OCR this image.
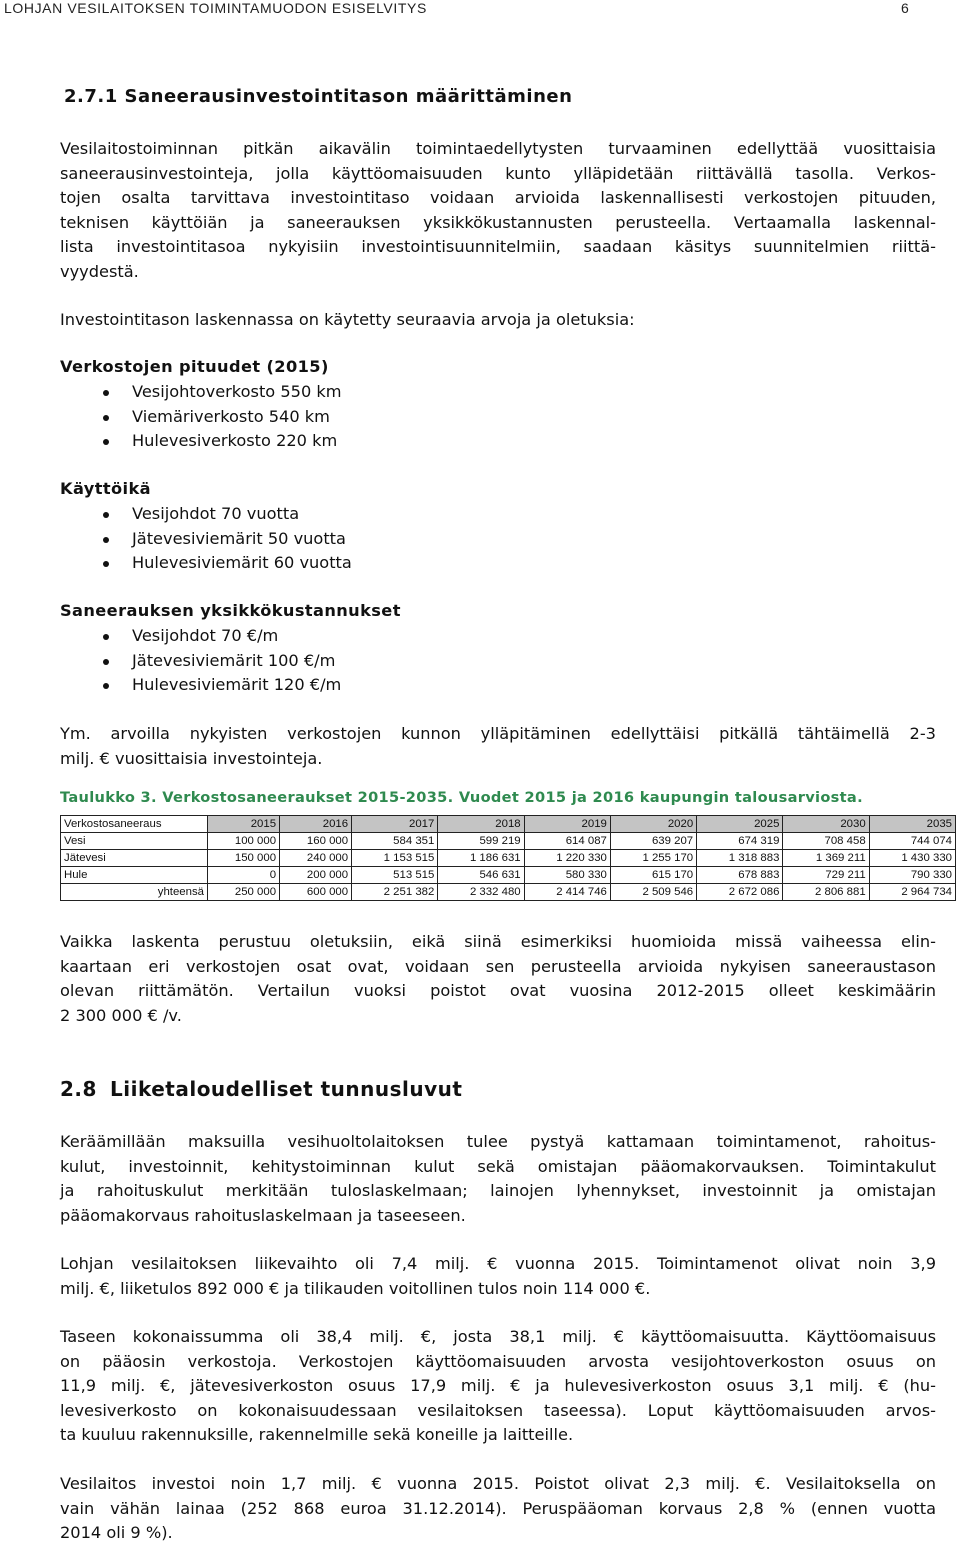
LOHJAN VESILAITOKSEN TOIMINTAMUODON ESISELVITYS	6
2.7.1 Saneerausinvestointitason määrittäminen
Vesilaitostoiminnan pitkän aikavälin toimintaedellytysten turvaaminen edellyttää vuosittaisia
saneerausinvestointeja, jolla käyttöomaisuuden kunto ylläpidetään riittävällä tasolla. Verkos-
tojen osalta tarvittava investointitaso voidaan arvioida laskennallisesti verkostojen pituuden,
teknisen käyttöiän ja saneerauksen yksikkökustannusten perusteella. Vertaamalla laskennal-
lista investointitasoa nykyisiin investointisuunnitelmiin, saadaan käsitys suunnitelmien riittä-
vyydestä.
Investointitason laskennassa on käytetty seuraavia arvoja ja oletuksia:
Verkostojen pituudet (2015)
Vesijohtoverkosto 550 km
Viemäriverkosto 540 km
Hulevesiverkosto 220 km
Käyttöikä
Vesijohdot 70 vuotta
Jätevesiviemärit 50 vuotta
Hulevesiviemärit 60 vuotta
Saneerauksen yksikkökustannukset
Vesijohdot 70 €/m
Jätevesiviemärit 100 €/m
Hulevesiviemärit 120 €/m
Ym. arvoilla nykyisten verkostojen kunnon ylläpitäminen edellyttäisi pitkällä tähtäimellä 2-3
milj. € vuosittaisia investointeja.
Taulukko 3. Verkostosaneeraukset 2015-2035. Vuodet 2015 ja 2016 kaupungin talousarviosta.
Verkostosaneeraus	2015	2016	2017	2018	2019	2020	2025	2030	2035
Vesi	100 000	160 000	584 351	599 219	614 087	639 207	674 319	708 458	744 074
Jätevesi	150 000	240 000	1 153 515	1 186 631	1 220 330	1 255 170	1 318 883	1 369 211	1 430 330
Hule	0	200 000	513 515	546 631	580 330	615 170	678 883	729 211	790 330
yhteensä	250 000	600 000	2 251 382	2 332 480	2 414 746	2 509 546	2 672 086	2 806 881	2 964 734
Vaikka laskenta perustuu oletuksiin, eikä siinä esimerkiksi huomioida missä vaiheessa elin-
kaartaan eri verkostojen osat ovat, voidaan sen perusteella arvioida nykyisen saneeraustason
olevan riittämätön. Vertailun vuoksi poistot ovat vuosina 2012-2015 olleet keskimäärin
2 300 000 € /v.
2.8 Liiketaloudelliset tunnusluvut
Keräämillään maksuilla vesihuoltolaitoksen tulee pystyä kattamaan toimintamenot, rahoitus-
kulut, investoinnit, kehitystoiminnan kulut sekä omistajan pääomakorvauksen. Toimintakulut
ja rahoituskulut merkitään tuloslaskelmaan; lainojen lyhennykset, investoinnit ja omistajan
pääomakorvaus rahoituslaskelmaan ja taseeseen.
Lohjan vesilaitoksen liikevaihto oli 7,4 milj. € vuonna 2015. Toimintamenot olivat noin 3,9
milj. €, liiketulos 892 000 € ja tilikauden voitollinen tulos noin 114 000 €.
Taseen kokonaissumma oli 38,4 milj. €, josta 38,1 milj. € käyttöomaisuutta. Käyttöomaisuus
on pääosin verkostoja. Verkostojen käyttöomaisuuden arvosta vesijohtoverkoston osuus on
11,9 milj. €, jätevesiverkoston osuus 17,9 milj. € ja hulevesiverkoston osuus 3,1 milj. € (hu-
levesiverkosto on kokonaisuudessaan vesilaitoksen taseessa). Loput käyttöomaisuuden arvos-
ta kuuluu rakennuksille, rakennelmille sekä koneille ja laitteille.
Vesilaitos investoi noin 1,7 milj. € vuonna 2015. Poistot olivat 2,3 milj. €. Vesilaitoksella on
vain vähän lainaa (252 868 euroa 31.12.2014). Peruspääoman korvaus 2,8 % (ennen vuotta
2014 oli 9 %).
